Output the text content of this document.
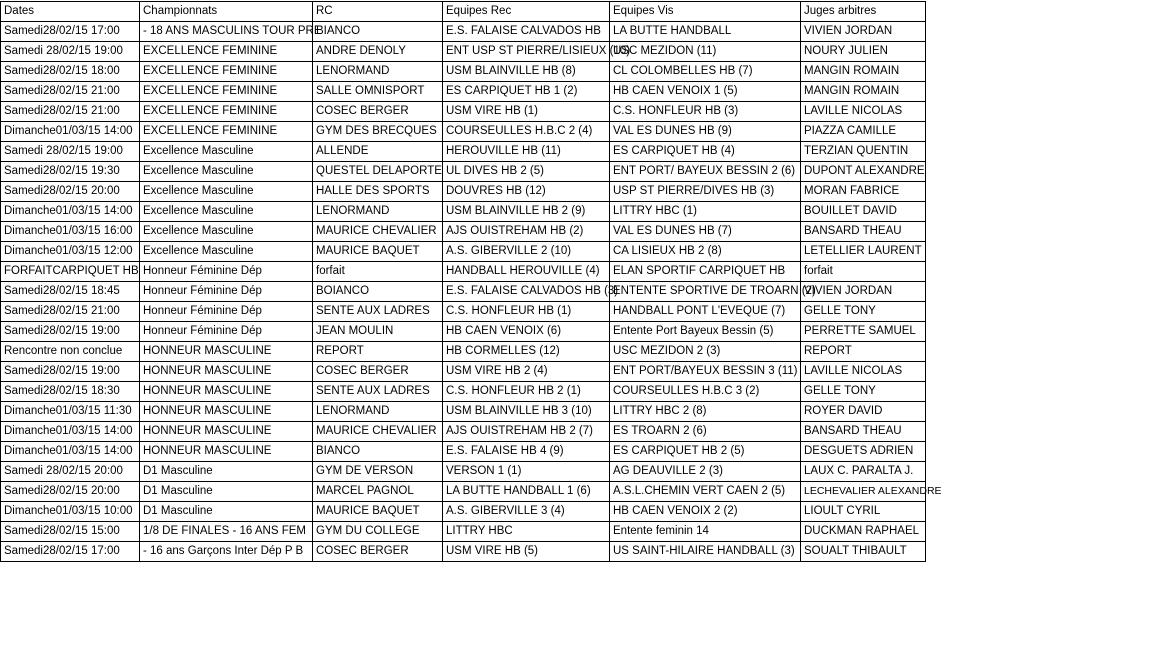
Dates	Championnats	RC	Equipes Rec	Equipes Vis	Juges arbitres
Samedi28/02/15 17:00	- 18 ANS MASCULINS TOUR PRE	BIANCO	E.S. FALAISE CALVADOS HB	LA BUTTE HANDBALL	VIVIEN JORDAN
Samedi 28/02/15 19:00	EXCELLENCE FEMININE	ANDRE DENOLY	ENT USP ST PIERRE/LISIEUX (10)	USC MEZIDON (11)	NOURY JULIEN
Samedi28/02/15 18:00	EXCELLENCE FEMININE	LENORMAND	USM BLAINVILLE HB (8)	CL COLOMBELLES HB (7)	MANGIN ROMAIN
Samedi28/02/15 21:00	EXCELLENCE FEMININE	SALLE OMNISPORT	ES CARPIQUET HB 1 (2)	HB CAEN VENOIX 1 (5)	MANGIN ROMAIN
Samedi28/02/15 21:00	EXCELLENCE FEMININE	COSEC BERGER	USM VIRE HB (1)	C.S. HONFLEUR HB (3)	LAVILLE NICOLAS
Dimanche01/03/15 14:00	EXCELLENCE FEMININE	GYM DES BRECQUES	COURSEULLES H.B.C 2 (4)	VAL ES DUNES HB (9)	PIAZZA CAMILLE
Samedi 28/02/15 19:00	Excellence Masculine	ALLENDE	HEROUVILLE HB (11)	ES CARPIQUET HB (4)	TERZIAN QUENTIN
Samedi28/02/15 19:30	Excellence Masculine	QUESTEL DELAPORTE	UL DIVES HB 2 (5)	ENT PORT/ BAYEUX BESSIN 2 (6)	DUPONT ALEXANDRE
Samedi28/02/15 20:00	Excellence Masculine	HALLE DES SPORTS	DOUVRES HB (12)	USP ST PIERRE/DIVES HB (3)	MORAN FABRICE
Dimanche01/03/15 14:00	Excellence Masculine	LENORMAND	USM BLAINVILLE HB 2 (9)	LITTRY HBC (1)	BOUILLET DAVID
Dimanche01/03/15 16:00	Excellence Masculine	MAURICE CHEVALIER	AJS OUISTREHAM HB (2)	VAL ES DUNES HB (7)	BANSARD THEAU
Dimanche01/03/15 12:00	Excellence Masculine	MAURICE BAQUET	A.S. GIBERVILLE 2 (10)	CA LISIEUX HB 2 (8)	LETELLIER LAURENT
FORFAITCARPIQUET HB	Honneur Féminine Dép	forfait	HANDBALL HEROUVILLE (4)	ELAN SPORTIF CARPIQUET HB	forfait
Samedi28/02/15 18:45	Honneur Féminine Dép	BOIANCO	E.S. FALAISE CALVADOS HB (3)	ENTENTE SPORTIVE DE TROARN (2)	VIVIEN JORDAN
Samedi28/02/15 21:00	Honneur Féminine Dép	SENTE AUX LADRES	C.S. HONFLEUR HB (1)	HANDBALL PONT L'EVEQUE (7)	GELLE TONY
Samedi28/02/15 19:00	Honneur Féminine Dép	JEAN MOULIN	HB CAEN VENOIX (6)	Entente Port Bayeux Bessin (5)	PERRETTE SAMUEL
Rencontre non conclue	HONNEUR MASCULINE	REPORT	HB CORMELLES (12)	USC MEZIDON 2 (3)	REPORT
Samedi28/02/15 19:00	HONNEUR MASCULINE	COSEC BERGER	USM VIRE HB 2 (4)	ENT PORT/BAYEUX BESSIN 3 (11)	LAVILLE NICOLAS
Samedi28/02/15 18:30	HONNEUR MASCULINE	SENTE AUX LADRES	C.S. HONFLEUR HB 2 (1)	COURSEULLES H.B.C 3 (2)	GELLE TONY
Dimanche01/03/15 11:30	HONNEUR MASCULINE	LENORMAND	USM BLAINVILLE HB 3 (10)	LITTRY HBC 2 (8)	ROYER DAVID
Dimanche01/03/15 14:00	HONNEUR MASCULINE	MAURICE CHEVALIER	AJS OUISTREHAM HB 2 (7)	ES TROARN 2 (6)	BANSARD THEAU
Dimanche01/03/15 14:00	HONNEUR MASCULINE	BIANCO	E.S. FALAISE HB 4 (9)	ES CARPIQUET HB 2 (5)	DESGUETS ADRIEN
Samedi 28/02/15 20:00	D1 Masculine	GYM DE VERSON	VERSON 1 (1)	AG DEAUVILLE 2 (3)	LAUX C. PARALTA J.
Samedi28/02/15 20:00	D1 Masculine	MARCEL PAGNOL	LA BUTTE HANDBALL 1 (6)	A.S.L.CHEMIN VERT CAEN 2 (5)	LECHEVALIER ALEXANDRE
Dimanche01/03/15 10:00	D1 Masculine	MAURICE BAQUET	A.S. GIBERVILLE 3 (4)	HB CAEN VENOIX 2 (2)	LIOULT CYRIL
Samedi28/02/15 15:00	1/8 DE FINALES - 16 ANS FEM	GYM DU COLLEGE	LITTRY HBC	Entente feminin 14	DUCKMAN RAPHAEL
Samedi28/02/15 17:00	- 16 ans Garçons Inter Dép P B	COSEC BERGER	USM VIRE HB (5)	US SAINT-HILAIRE HANDBALL (3)	SOUALT THIBAULT
